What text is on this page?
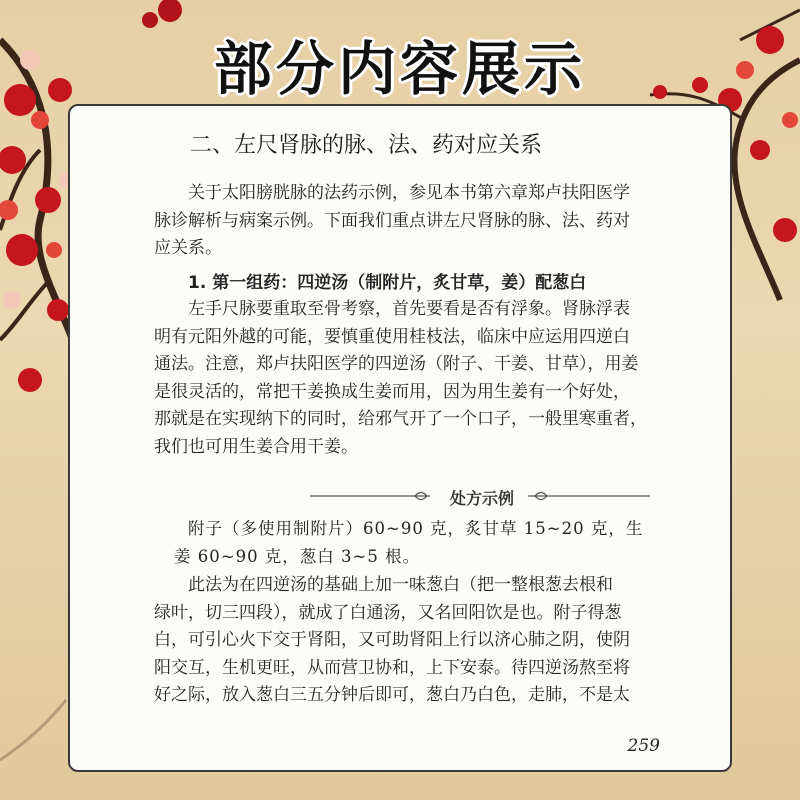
部分内容展示
二、左尺肾脉的脉、法、药对应关系

关于太阳膀胱脉的法药示例，参见本书第六章郑卢扶阳医学

脉诊解析与病案示例。下面我们重点讲左尺肾脉的脉、法、药对

应关系。

1. 第一组药：四逆汤（制附片，炙甘草，姜）配葱白

左手尺脉要重取至骨考察，首先要看是否有浮象。肾脉浮表

明有元阳外越的可能，要慎重使用桂枝法，临床中应运用四逆白

通法。注意，郑卢扶阳医学的四逆汤（附子、干姜、甘草），用姜

是很灵活的，常把干姜换成生姜而用，因为用生姜有一个好处，

那就是在实现纳下的同时，给邪气开了一个口子，一般里寒重者，

我们也可用生姜合用干姜。

处方示例

附子（多使用制附片）60~90 克，炙甘草 15~20 克，生

姜 60~90 克，葱白 3~5 根。

此法为在四逆汤的基础上加一味葱白（把一整根葱去根和

绿叶，切三四段），就成了白通汤，又名回阳饮是也。附子得葱

白，可引心火下交于肾阳，又可助肾阳上行以济心肺之阴，使阴

阳交互，生机更旺，从而营卫协和，上下安泰。待四逆汤熬至将

好之际，放入葱白三五分钟后即可，葱白乃白色，走肺，不是太

259
